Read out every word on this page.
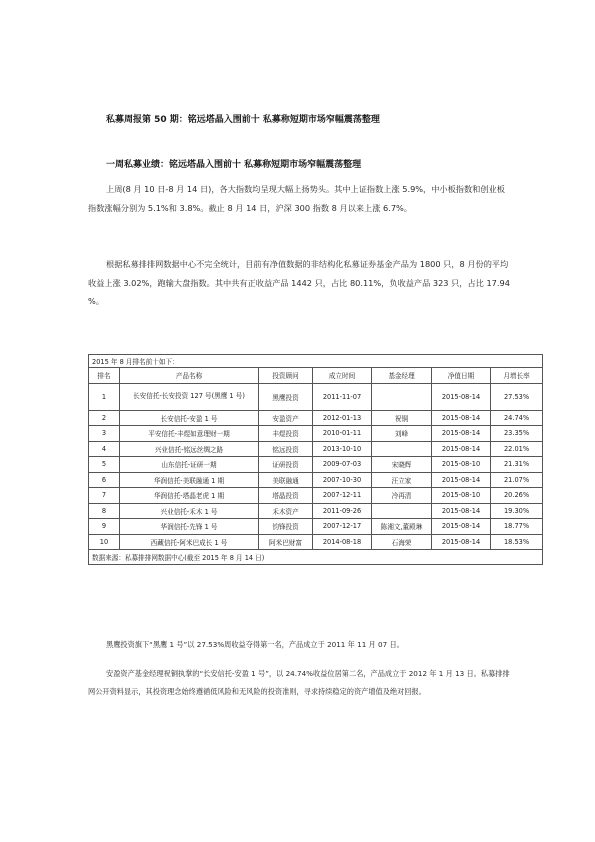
私募周报第 50 期：铭远塔晶入围前十 私募称短期市场窄幅震荡整理
一周私募业绩：铭远塔晶入围前十 私募称短期市场窄幅震荡整理

上周(8 月 10 日-8 月 14 日)，各大指数均呈现大幅上扬势头。其中上证指数上涨 5.9%，中小板指数和创业板指数涨幅分别为 5.1%和 3.8%。截止 8 月 14 日，沪深 300 指数 8 月以来上涨 6.7%。

根据私募排排网数据中心不完全统计，目前有净值数据的非结构化私募证券基金产品为 1800 只，8 月份的平均收益上涨 3.02%，跑输大盘指数。其中共有正收益产品 1442 只，占比 80.11%，负收益产品 323 只，占比 17.94 %。

2015 年 8 月排名前十如下：						
排名	产品名称	投资顾问	成立时间	基金经理	净值日期	月增长率
1	长安信托-长安投资 127 号(黑鹰 1 号)	黑鹰投资	2011-11-07		2015-08-14	27.53%
2	长安信托-安盈 1 号	安盈资产	2012-01-13	祝铜	2015-08-14	24.74%
3	平安信托-丰煜如意理财一期	丰煜投资	2010-01-11	刘峰	2015-08-14	23.35%
4	兴业信托-铭远丝绸之路	铭远投资	2013-10-10		2015-08-14	22.01%
5	山东信托-证研一期	证研投资	2009-07-03	宋晓辉	2015-08-10	21.31%
6	华润信托-美联融通 1 期	美联融通	2007-10-30	汪立家	2015-08-14	21.07%
7	华润信托-塔晶老虎 1 期	塔晶投资	2007-12-11	冷再清	2015-08-10	20.26%
8	兴业信托-禾木 1 号	禾木资产	2011-09-26		2015-08-14	19.30%
9	华润信托-先锋 1 号	钧锋投资	2007-12-17	陈湘文,董殿琳	2015-08-14	18.77%
10	西藏信托-阿米巴成长 1 号	阿米巴财富	2014-08-18	石海荣	2015-08-14	18.53%
数据来源：私募排排网数据中心(截至 2015 年 8 月 14 日)						

黑鹰投资旗下“黑鹰 1 号”以 27.53%周收益夺得第一名，产品成立于 2011 年 11 月 07 日。

安盈资产基金经理祝铜执掌的“长安信托-安盈 1 号”，以 24.74%收益位居第二名，产品成立于 2012 年 1 月 13 日。私募排排网公开资料显示，其投资理念始终遵循低风险和无风险的投资准则，寻求持续稳定的资产增值及绝对回报。
